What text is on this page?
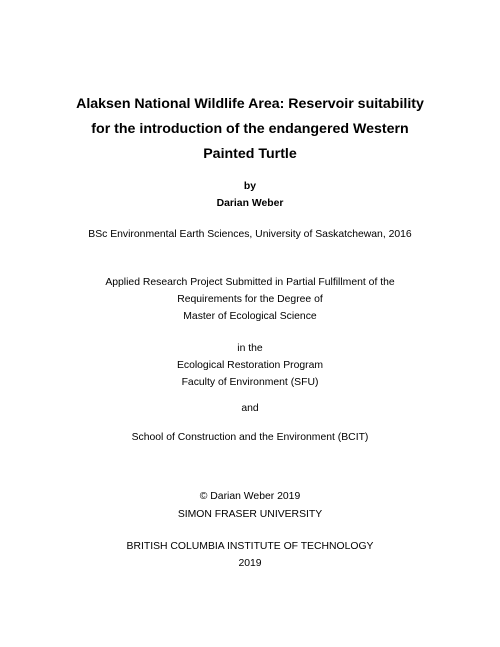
Alaksen National Wildlife Area: Reservoir suitability
for the introduction of the endangered Western
Painted Turtle
by
Darian Weber
BSc Environmental Earth Sciences, University of Saskatchewan, 2016
Applied Research Project Submitted in Partial Fulfillment of the
Requirements for the Degree of
Master of Ecological Science
in the
Ecological Restoration Program
Faculty of Environment (SFU)
and
School of Construction and the Environment (BCIT)
© Darian Weber 2019
SIMON FRASER UNIVERSITY
BRITISH COLUMBIA INSTITUTE OF TECHNOLOGY
2019
